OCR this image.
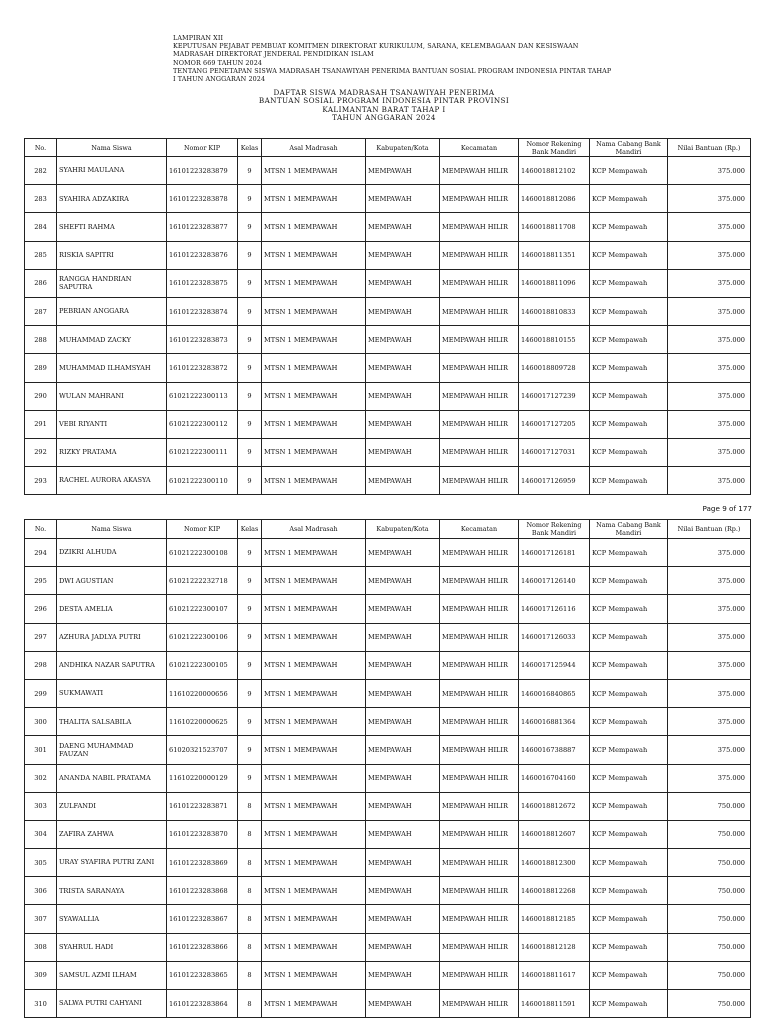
LAMPIRAN XII
KEPUTUSAN PEJABAT PEMBUAT KOMITMEN DIREKTORAT KURIKULUM, SARANA, KELEMBAGAAN DAN KESISWAAN
MADRASAH DIREKTORAT JENDERAL PENDIDIKAN ISLAM
NOMOR 669 TAHUN 2024
TENTANG PENETAPAN SISWA MADRASAH TSANAWIYAH PENERIMA BANTUAN SOSIAL PROGRAM INDONESIA PINTAR TAHAP
I TAHUN ANGGARAN 2024
DAFTAR SISWA MADRASAH TSANAWIYAH PENERIMA
BANTUAN SOSIAL PROGRAM INDONESIA PINTAR PROVINSI
KALIMANTAN BARAT TAHAP I
TAHUN ANGGARAN 2024
No.	Nama Siswa	Nomor KIP	Kelas	Asal Madrasah	Kabupaten/Kota	Kecamatan	Nomor Rekening Bank Mandiri	Nama Cabang Bank Mandiri	Nilai Bantuan (Rp.)
282	SYAHRI MAULANA	16101223283879	9	MTSN 1 MEMPAWAH	MEMPAWAH	MEMPAWAH HILIR	1460018812102	KCP Mempawah	375.000
283	SYAHIRA ADZAKIRA	16101223283878	9	MTSN 1 MEMPAWAH	MEMPAWAH	MEMPAWAH HILIR	1460018812086	KCP Mempawah	375.000
284	SHEFTI RAHMA	16101223283877	9	MTSN 1 MEMPAWAH	MEMPAWAH	MEMPAWAH HILIR	1460018811708	KCP Mempawah	375.000
285	RISKIA SAPITRI	16101223283876	9	MTSN 1 MEMPAWAH	MEMPAWAH	MEMPAWAH HILIR	1460018811351	KCP Mempawah	375.000
286	RANGGA HANDRIAN SAPUTRA	16101223283875	9	MTSN 1 MEMPAWAH	MEMPAWAH	MEMPAWAH HILIR	1460018811096	KCP Mempawah	375.000
287	PEBRIAN ANGGARA	16101223283874	9	MTSN 1 MEMPAWAH	MEMPAWAH	MEMPAWAH HILIR	1460018810833	KCP Mempawah	375.000
288	MUHAMMAD ZACKY	16101223283873	9	MTSN 1 MEMPAWAH	MEMPAWAH	MEMPAWAH HILIR	1460018810155	KCP Mempawah	375.000
289	MUHAMMAD ILHAMSYAH	16101223283872	9	MTSN 1 MEMPAWAH	MEMPAWAH	MEMPAWAH HILIR	1460018809728	KCP Mempawah	375.000
290	WULAN MAHRANI	61021222300113	9	MTSN 1 MEMPAWAH	MEMPAWAH	MEMPAWAH HILIR	1460017127239	KCP Mempawah	375.000
291	VEBI RIYANTI	61021222300112	9	MTSN 1 MEMPAWAH	MEMPAWAH	MEMPAWAH HILIR	1460017127205	KCP Mempawah	375.000
292	RIZKY PRATAMA	61021222300111	9	MTSN 1 MEMPAWAH	MEMPAWAH	MEMPAWAH HILIR	1460017127031	KCP Mempawah	375.000
293	RACHEL AURORA AKASYA	61021222300110	9	MTSN 1 MEMPAWAH	MEMPAWAH	MEMPAWAH HILIR	1460017126959	KCP Mempawah	375.000
Page 9 of 177
No.	Nama Siswa	Nomor KIP	Kelas	Asal Madrasah	Kabupaten/Kota	Kecamatan	Nomor Rekening Bank Mandiri	Nama Cabang Bank Mandiri	Nilai Bantuan (Rp.)
294	DZIKRI ALHUDA	61021222300108	9	MTSN 1 MEMPAWAH	MEMPAWAH	MEMPAWAH HILIR	1460017126181	KCP Mempawah	375.000
295	DWI AGUSTIAN	61021222232718	9	MTSN 1 MEMPAWAH	MEMPAWAH	MEMPAWAH HILIR	1460017126140	KCP Mempawah	375.000
296	DESTA AMELIA	61021222300107	9	MTSN 1 MEMPAWAH	MEMPAWAH	MEMPAWAH HILIR	1460017126116	KCP Mempawah	375.000
297	AZHURA JADLYA PUTRI	61021222300106	9	MTSN 1 MEMPAWAH	MEMPAWAH	MEMPAWAH HILIR	1460017126033	KCP Mempawah	375.000
298	ANDHIKA NAZAR SAPUTRA	61021222300105	9	MTSN 1 MEMPAWAH	MEMPAWAH	MEMPAWAH HILIR	1460017125944	KCP Mempawah	375.000
299	SUKMAWATI	11610220000656	9	MTSN 1 MEMPAWAH	MEMPAWAH	MEMPAWAH HILIR	1460016840865	KCP Mempawah	375.000
300	THALITA SALSABILA	11610220000625	9	MTSN 1 MEMPAWAH	MEMPAWAH	MEMPAWAH HILIR	1460016881364	KCP Mempawah	375.000
301	DAENG MUHAMMAD FAUZAN	61020321523707	9	MTSN 1 MEMPAWAH	MEMPAWAH	MEMPAWAH HILIR	1460016738887	KCP Mempawah	375.000
302	ANANDA NABIL PRATAMA	11610220000129	9	MTSN 1 MEMPAWAH	MEMPAWAH	MEMPAWAH HILIR	1460016704160	KCP Mempawah	375.000
303	ZULFANDI	16101223283871	8	MTSN 1 MEMPAWAH	MEMPAWAH	MEMPAWAH HILIR	1460018812672	KCP Mempawah	750.000
304	ZAFIRA ZAHWA	16101223283870	8	MTSN 1 MEMPAWAH	MEMPAWAH	MEMPAWAH HILIR	1460018812607	KCP Mempawah	750.000
305	URAY SYAFIRA PUTRI ZANI	16101223283869	8	MTSN 1 MEMPAWAH	MEMPAWAH	MEMPAWAH HILIR	1460018812300	KCP Mempawah	750.000
306	TRISTA SARANAYA	16101223283868	8	MTSN 1 MEMPAWAH	MEMPAWAH	MEMPAWAH HILIR	1460018812268	KCP Mempawah	750.000
307	SYAWALLIA	16101223283867	8	MTSN 1 MEMPAWAH	MEMPAWAH	MEMPAWAH HILIR	1460018812185	KCP Mempawah	750.000
308	SYAHRUL HADI	16101223283866	8	MTSN 1 MEMPAWAH	MEMPAWAH	MEMPAWAH HILIR	1460018812128	KCP Mempawah	750.000
309	SAMSUL AZMI ILHAM	16101223283865	8	MTSN 1 MEMPAWAH	MEMPAWAH	MEMPAWAH HILIR	1460018811617	KCP Mempawah	750.000
310	SALWA PUTRI CAHYANI	16101223283864	8	MTSN 1 MEMPAWAH	MEMPAWAH	MEMPAWAH HILIR	1460018811591	KCP Mempawah	750.000
